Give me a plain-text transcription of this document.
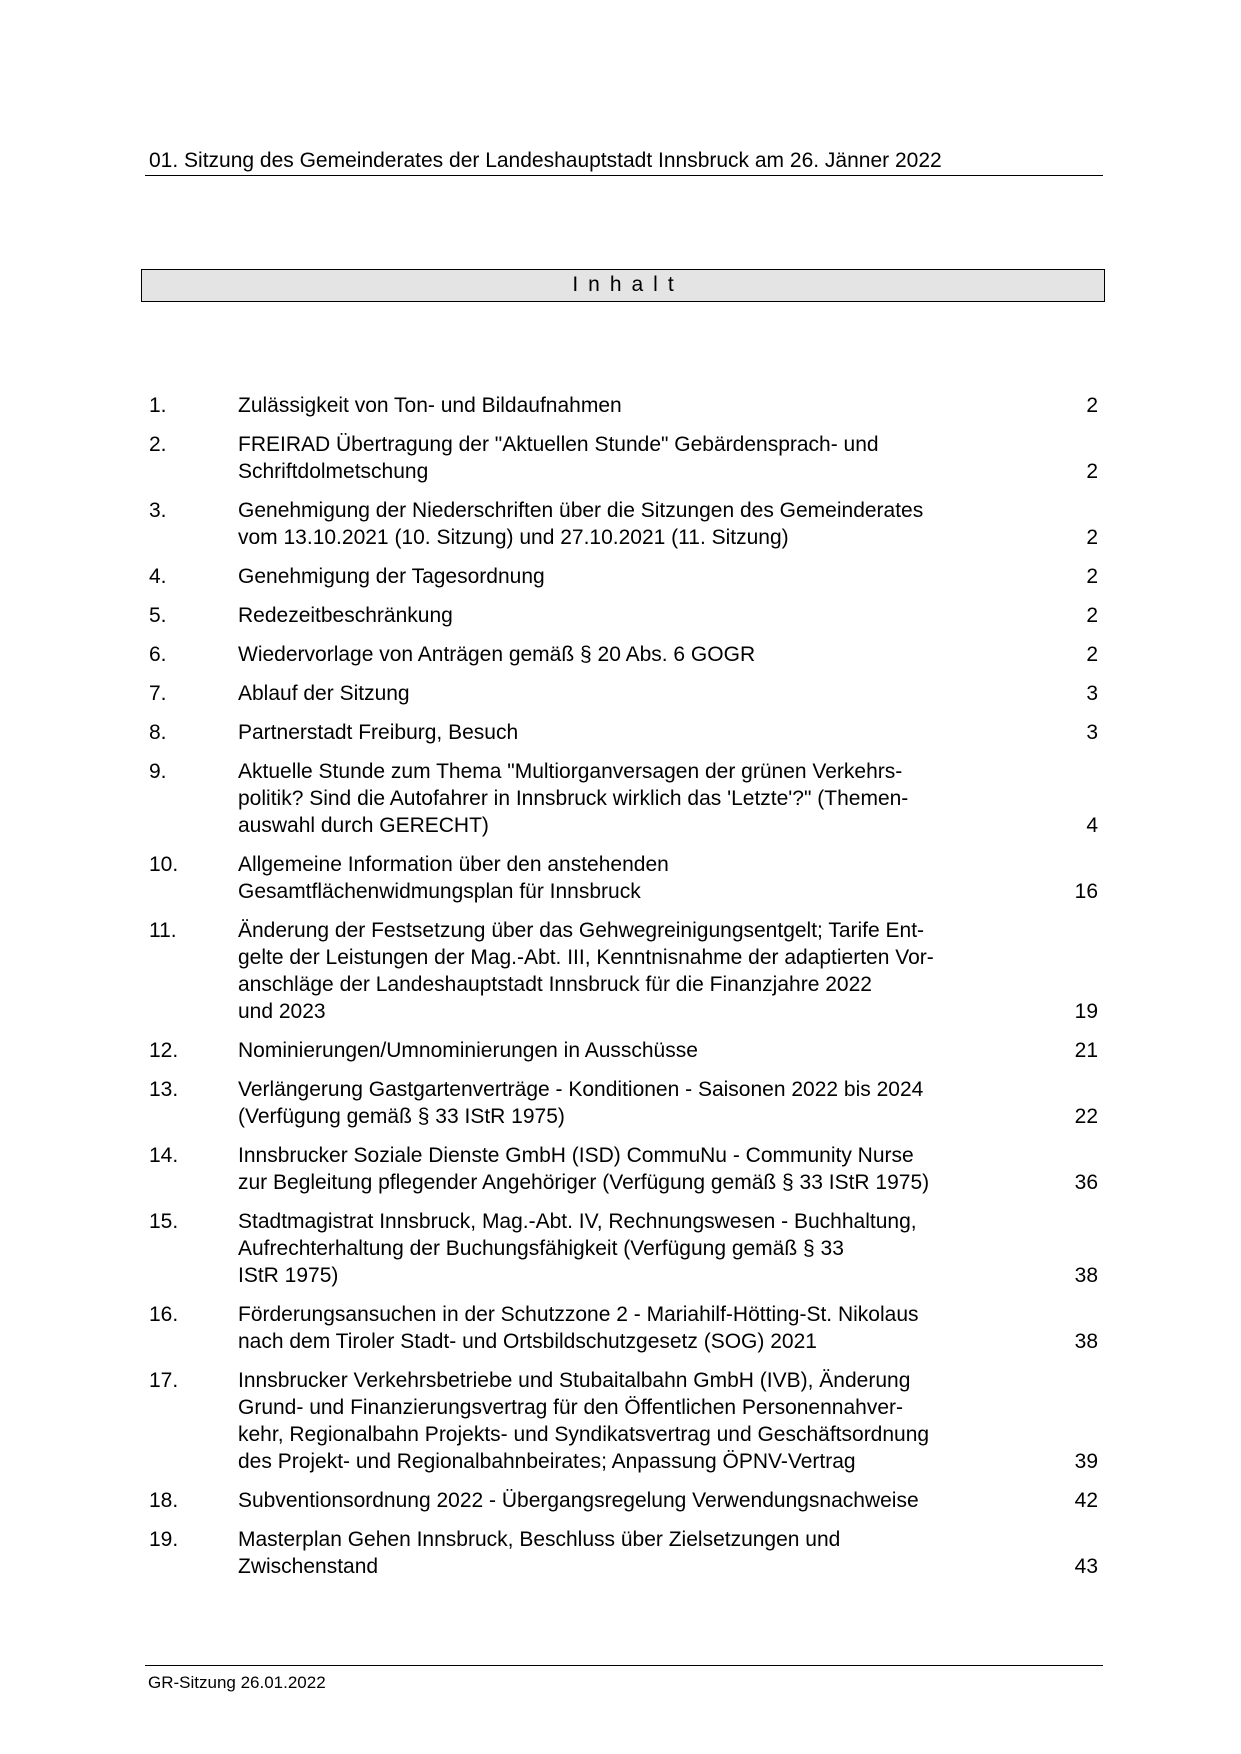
01. Sitzung des Gemeinderates der Landeshauptstadt Innsbruck am 26. Jänner 2022
Inhalt
1.	Zulässigkeit von Ton- und Bildaufnahmen	2
2.	FREIRAD Übertragung der "Aktuellen Stunde" Gebärdensprach- und
Schriftdolmetschung	2
3.	Genehmigung der Niederschriften über die Sitzungen des Gemeinderates
vom 13.10.2021 (10. Sitzung) und 27.10.2021 (11. Sitzung)	2
4.	Genehmigung der Tagesordnung	2
5.	Redezeitbeschränkung	2
6.	Wiedervorlage von Anträgen gemäß § 20 Abs. 6 GOGR	2
7.	Ablauf der Sitzung	3
8.	Partnerstadt Freiburg, Besuch	3
9.	Aktuelle Stunde zum Thema "Multiorganversagen der grünen Verkehrs-
politik? Sind die Autofahrer in Innsbruck wirklich das 'Letzte'?" (Themen-
auswahl durch GERECHT)	4
10.	Allgemeine Information über den anstehenden
Gesamtflächenwidmungsplan für Innsbruck	16
11.	Änderung der Festsetzung über das Gehwegreinigungsentgelt; Tarife Ent-
gelte der Leistungen der Mag.-Abt. III, Kenntnisnahme der adaptierten Vor-
anschläge der Landeshauptstadt Innsbruck für die Finanzjahre 2022
und 2023	19
12.	Nominierungen/Umnominierungen in Ausschüsse	21
13.	Verlängerung Gastgartenverträge - Konditionen - Saisonen 2022 bis 2024
(Verfügung gemäß § 33 IStR 1975)	22
14.	Innsbrucker Soziale Dienste GmbH (ISD) CommuNu - Community Nurse
zur Begleitung pflegender Angehöriger (Verfügung gemäß § 33 IStR 1975)	36
15.	Stadtmagistrat Innsbruck, Mag.-Abt. IV, Rechnungswesen - Buchhaltung,
Aufrechterhaltung der Buchungsfähigkeit (Verfügung gemäß § 33
IStR 1975)	38
16.	Förderungsansuchen in der Schutzzone 2 - Mariahilf-Hötting-St. Nikolaus
nach dem Tiroler Stadt- und Ortsbildschutzgesetz (SOG) 2021	38
17.	Innsbrucker Verkehrsbetriebe und Stubaitalbahn GmbH (IVB), Änderung
Grund- und Finanzierungsvertrag für den Öffentlichen Personennahver-
kehr, Regionalbahn Projekts- und Syndikatsvertrag und Geschäftsordnung
des Projekt- und Regionalbahnbeirates; Anpassung ÖPNV-Vertrag	39
18.	Subventionsordnung 2022 - Übergangsregelung Verwendungsnachweise	42
19.	Masterplan Gehen Innsbruck, Beschluss über Zielsetzungen und
Zwischenstand	43
GR-Sitzung 26.01.2022
